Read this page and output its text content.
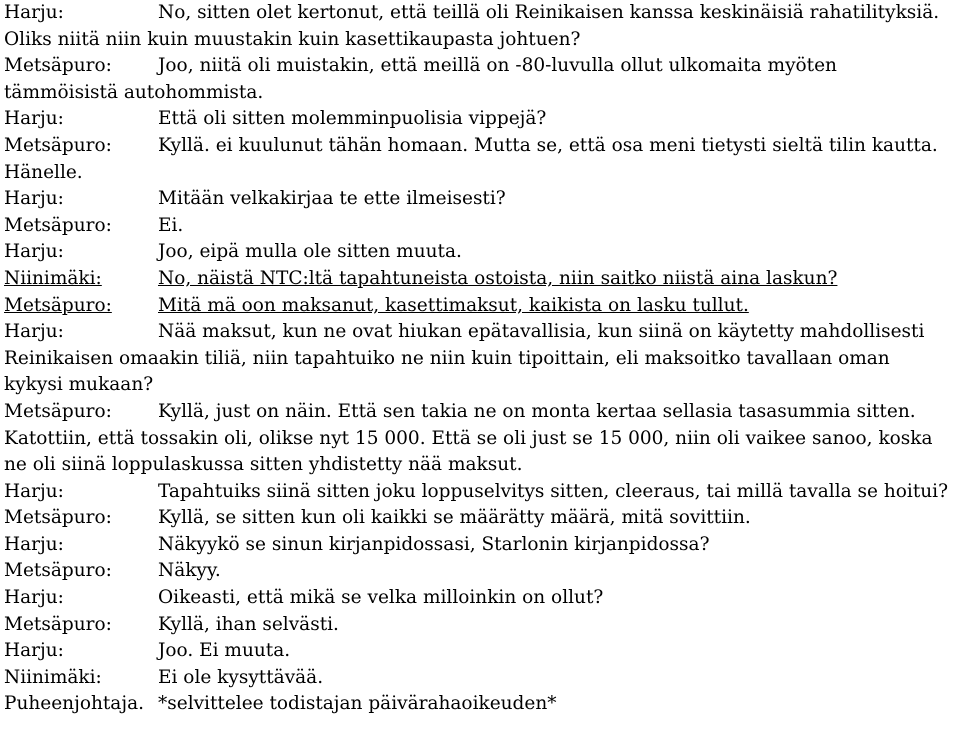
Harju:	No, sitten olet kertonut, että teillä oli Reinikaisen kanssa keskinäisiä rahatilityksiä.
Oliks niitä niin kuin muustakin kuin kasettikaupasta johtuen?
Metsäpuro: Joo, niitä oli muistakin, että meillä on -80-luvulla ollut ulkomaita myöten
tämmöisistä autohommista.
Harju:	Että oli sitten molemminpuolisia vippejä?
Metsäpuro: Kyllä. ei kuulunut tähän homaan. Mutta se, että osa meni tietysti sieltä tilin kautta.
Hänelle.
Harju:	Mitään velkakirjaa te ette ilmeisesti?
Metsäpuro: Ei.
Harju:	Joo, eipä mulla ole sitten muuta.
Niinimäki:	No, näistä NTC:ltä tapahtuneista ostoista, niin saitko niistä aina laskun?
Metsäpuro: Mitä mä oon maksanut, kasettimaksut, kaikista on lasku tullut.
Harju:	Nää maksut, kun ne ovat hiukan epätavallisia, kun siinä on käytetty mahdollisesti
Reinikaisen omaakin tiliä, niin tapahtuiko ne niin kuin tipoittain, eli maksoitko tavallaan oman
kykysi mukaan?
Metsäpuro: Kyllä, just on näin. Että sen takia ne on monta kertaa sellasia tasasummia sitten.
Katottiin, että tossakin oli, olikse nyt 15 000. Että se oli just se 15 000, niin oli vaikee sanoo, koska
ne oli siinä loppulaskussa sitten yhdistetty nää maksut.
Harju:	Tapahtuiks siinä sitten joku loppuselvitys sitten, cleeraus, tai millä tavalla se hoitui?
Metsäpuro: Kyllä, se sitten kun oli kaikki se määrätty määrä, mitä sovittiin.
Harju:	Näkyykö se sinun kirjanpidossasi, Starlonin kirjanpidossa?
Metsäpuro: Näkyy.
Harju:	Oikeasti, että mikä se velka milloinkin on ollut?
Metsäpuro: Kyllä, ihan selvästi.
Harju:	Joo. Ei muuta.
Niinimäki:	Ei ole kysyttävää.
Puheenjohtaja. *selvittelee todistajan päivärahaoikeuden*
